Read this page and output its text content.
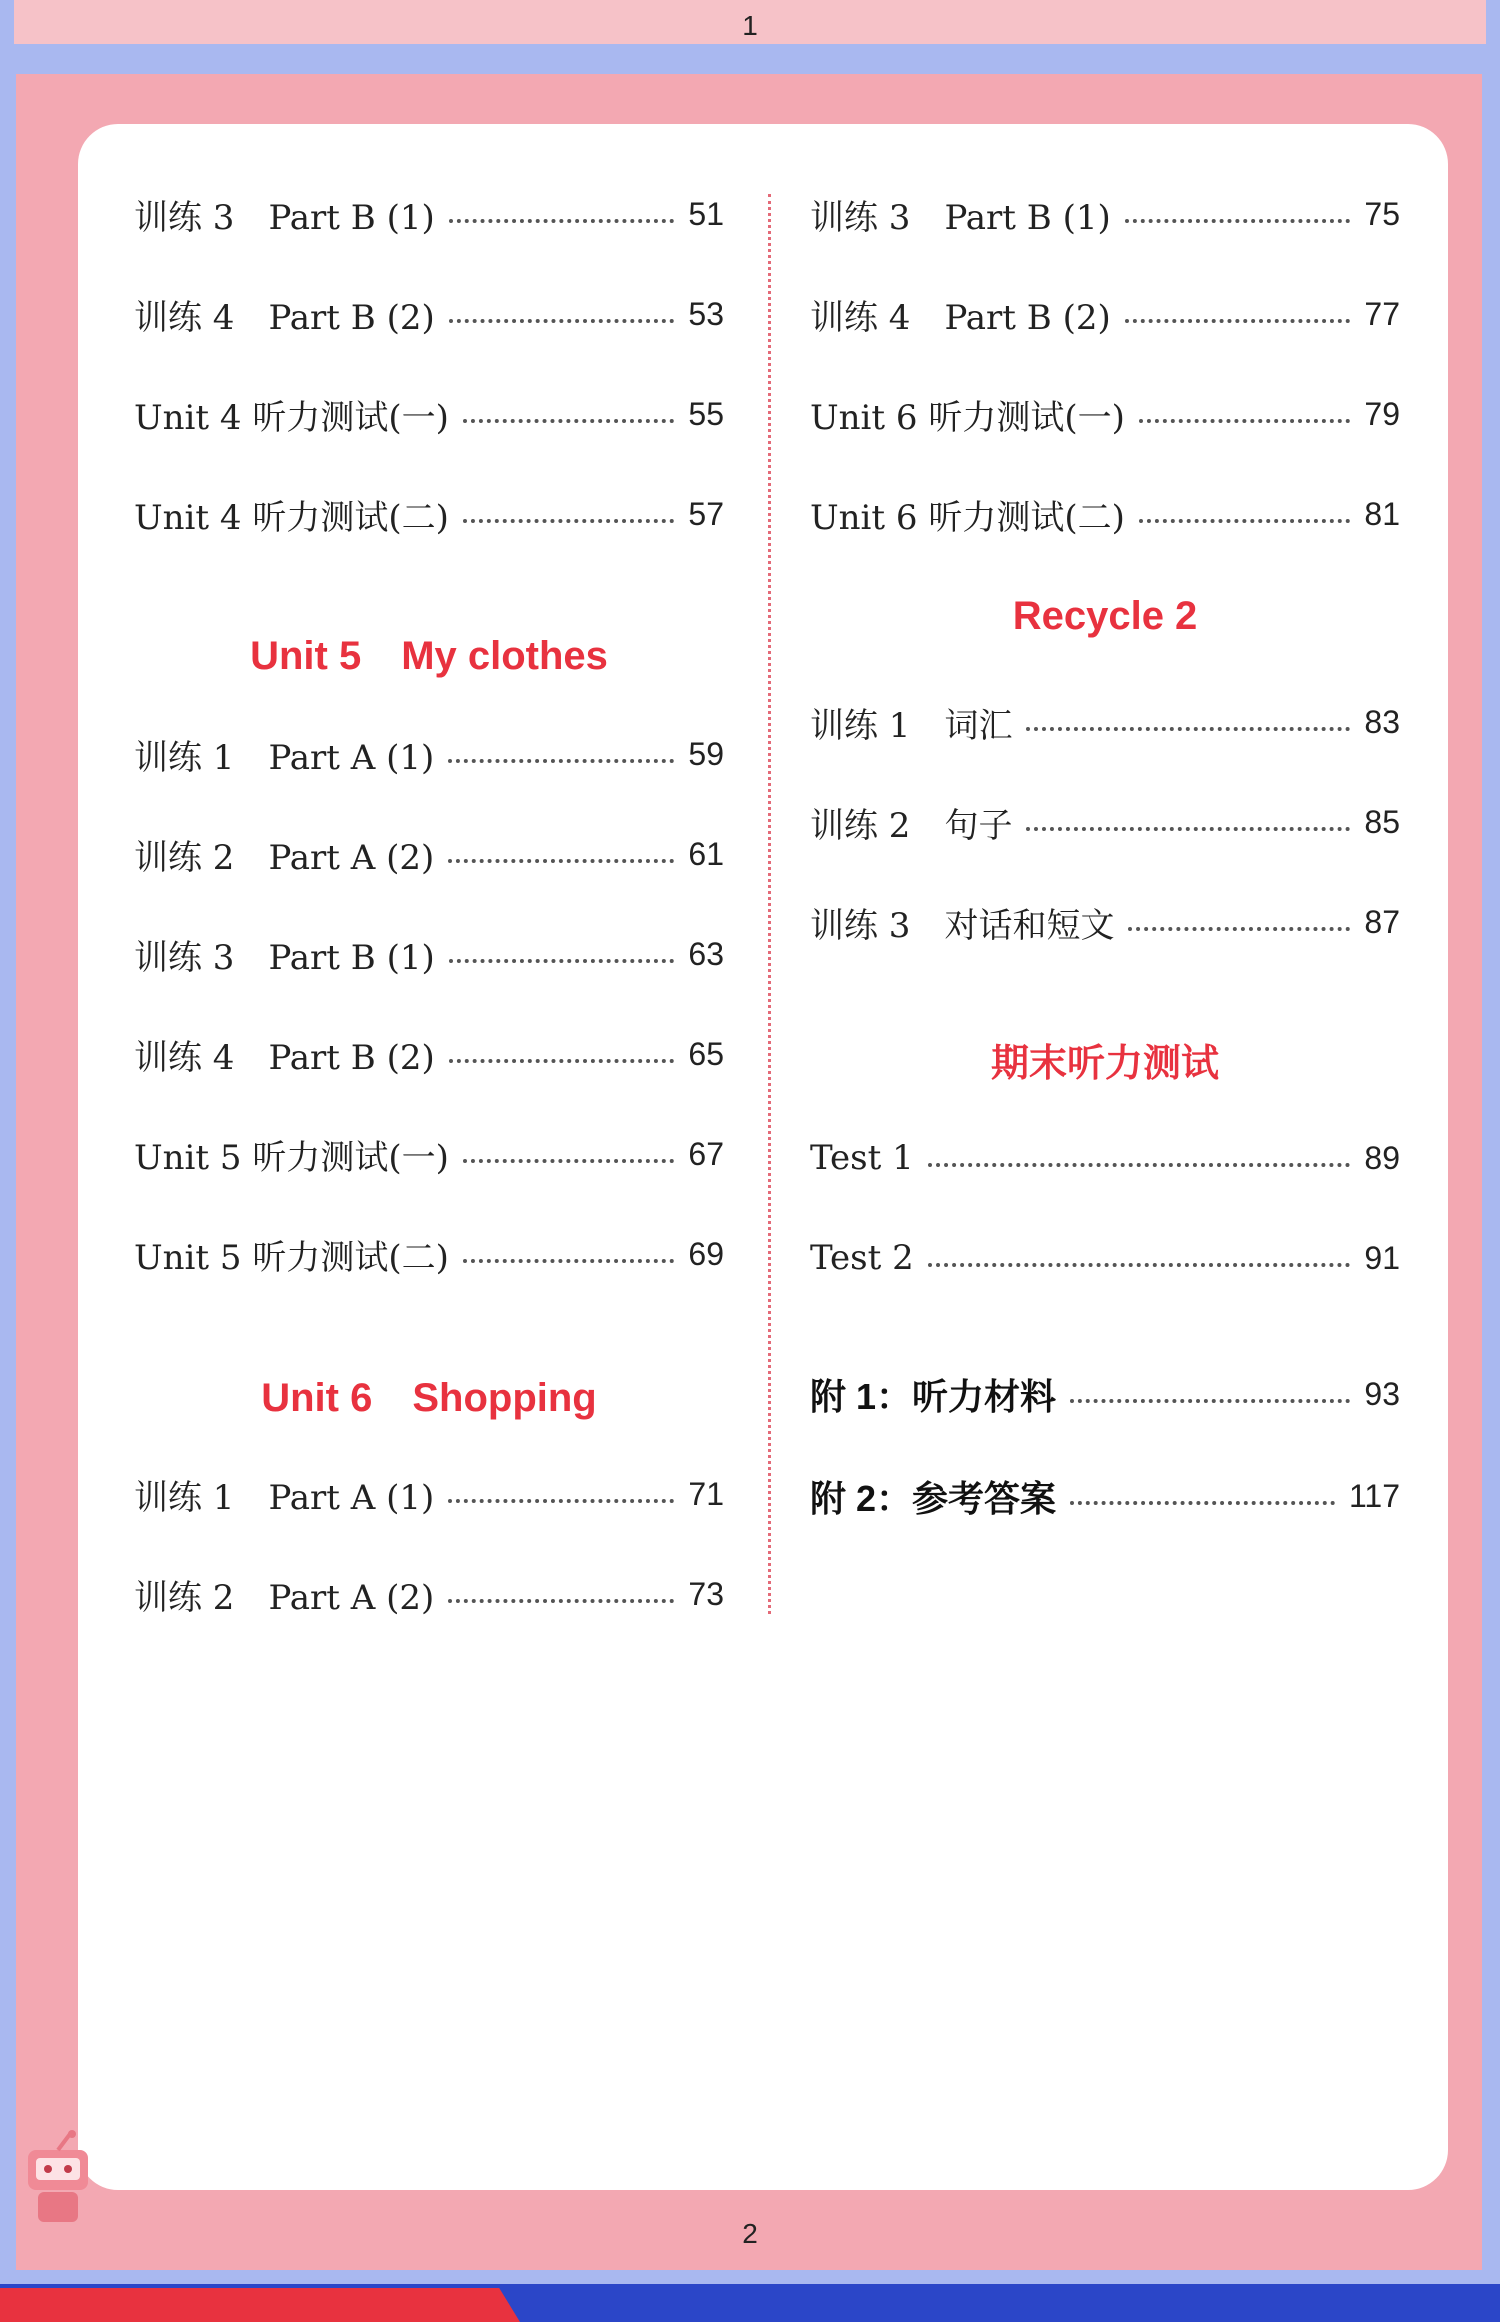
1
训练 3　Part B (1)	51
训练 4　Part B (2)	53
Unit 4 听力测试(一)	55
Unit 4 听力测试(二)	57
Unit 5　My clothes
训练 1　Part A (1)	59
训练 2　Part A (2)	61
训练 3　Part B (1)	63
训练 4　Part B (2)	65
Unit 5 听力测试(一)	67
Unit 5 听力测试(二)	69
Unit 6　Shopping
训练 1　Part A (1)	71
训练 2　Part A (2)	73
训练 3　Part B (1)	75
训练 4　Part B (2)	77
Unit 6 听力测试(一)	79
Unit 6 听力测试(二)	81
Recycle 2
训练 1　词汇	83
训练 2　句子	85
训练 3　对话和短文	87
期末听力测试
Test 1	89
Test 2	91
附 1：听力材料	93
附 2：参考答案	117
2
